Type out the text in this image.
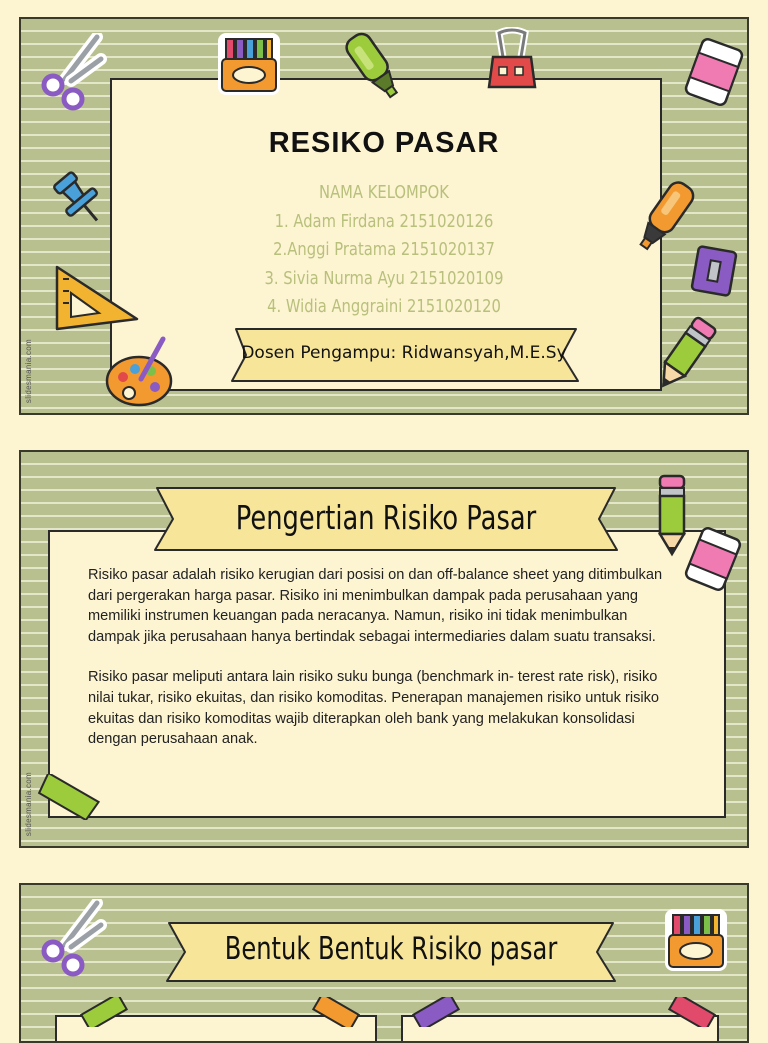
RESIKO PASAR
NAMA KELOMPOK
1. Adam Firdana 2151020126
2.Anggi Pratama 2151020137
3. Sivia Nurma Ayu 2151020109
4. Widia Anggraini 2151020120
Dosen Pengampu: Ridwansyah,M.E.Sy
slidesmania.com
Pengertian Risiko Pasar
slidesmania.com

Risiko pasar adalah risiko kerugian dari posisi on dan off-balance sheet yang ditimbulkan dari pergerakan harga pasar. Risiko ini menimbulkan dampak pada perusahaan yang memiliki instrumen keuangan pada neracanya. Namun, risiko ini tidak menimbulkan dampak jika perusahaan hanya bertindak sebagai intermediaries dalam suatu transaksi.

Risiko pasar meliputi antara lain risiko suku bunga (benchmark in- terest rate risk), risiko nilai tukar, risiko ekuitas, dan risiko komoditas. Penerapan manajemen risiko untuk risiko ekuitas dan risiko komoditas wajib diterapkan oleh bank yang melakukan konsolidasi dengan perusahaan anak.

Bentuk Bentuk Risiko pasar
